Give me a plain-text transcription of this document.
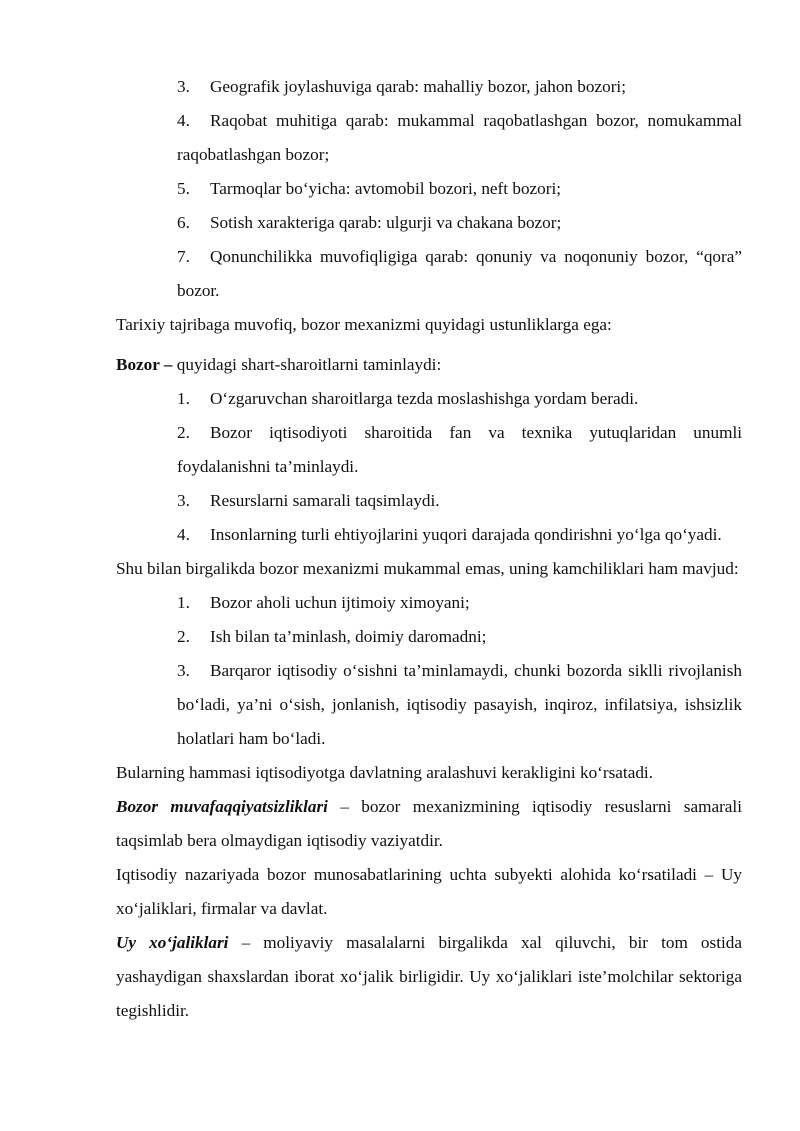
3. Geografik joylashuviga qarab: mahalliy bozor, jahon bozori;
4. Raqobat muhitiga qarab: mukammal raqobatlashgan bozor, nomukammal raqobatlashgan bozor;
5. Tarmoqlar bo‘yicha: avtomobil bozori, neft bozori;
6. Sotish xarakteriga qarab: ulgurji va chakana bozor;
7. Qonunchilikka muvofiqligiga qarab: qonuniy va noqonuniy bozor, “qora” bozor.

Tarixiy tajribaga muvofiq, bozor mexanizmi quyidagi ustunliklarga ega:

Bozor – quyidagi shart-sharoitlarni taminlaydi:

1. O‘zgaruvchan sharoitlarga tezda moslashishga yordam beradi.
2. Bozor iqtisodiyoti sharoitida fan va texnika yutuqlaridan unumli foydalanishni ta’minlaydi.
3. Resurslarni samarali taqsimlaydi.
4. Insonlarning turli ehtiyojlarini yuqori darajada qondirishni yo‘lga qo‘yadi.

Shu bilan birgalikda bozor mexanizmi mukammal emas, uning kamchiliklari ham mavjud:

1. Bozor aholi uchun ijtimoiy ximoyani;
2. Ish bilan ta’minlash, doimiy daromadni;
3. Barqaror iqtisodiy o‘sishni ta’minlamaydi, chunki bozorda siklli rivojlanish bo‘ladi, ya’ni o‘sish, jonlanish, iqtisodiy pasayish, inqiroz, infilatsiya, ishsizlik holatlari ham bo‘ladi.

Bularning hammasi iqtisodiyotga davlatning aralashuvi kerakligini ko‘rsatadi.

Bozor muvafaqqiyatsizliklari – bozor mexanizmining iqtisodiy resuslarni samarali taqsimlab bera olmaydigan iqtisodiy vaziyatdir.

Iqtisodiy nazariyada bozor munosabatlarining uchta subyekti alohida ko‘rsatiladi – Uy xo‘jaliklari, firmalar va davlat.

Uy xo‘jaliklari – moliyaviy masalalarni birgalikda xal qiluvchi, bir tom ostida yashaydigan shaxslardan iborat xo‘jalik birligidir. Uy xo‘jaliklari iste’molchilar sektoriga tegishlidir.
